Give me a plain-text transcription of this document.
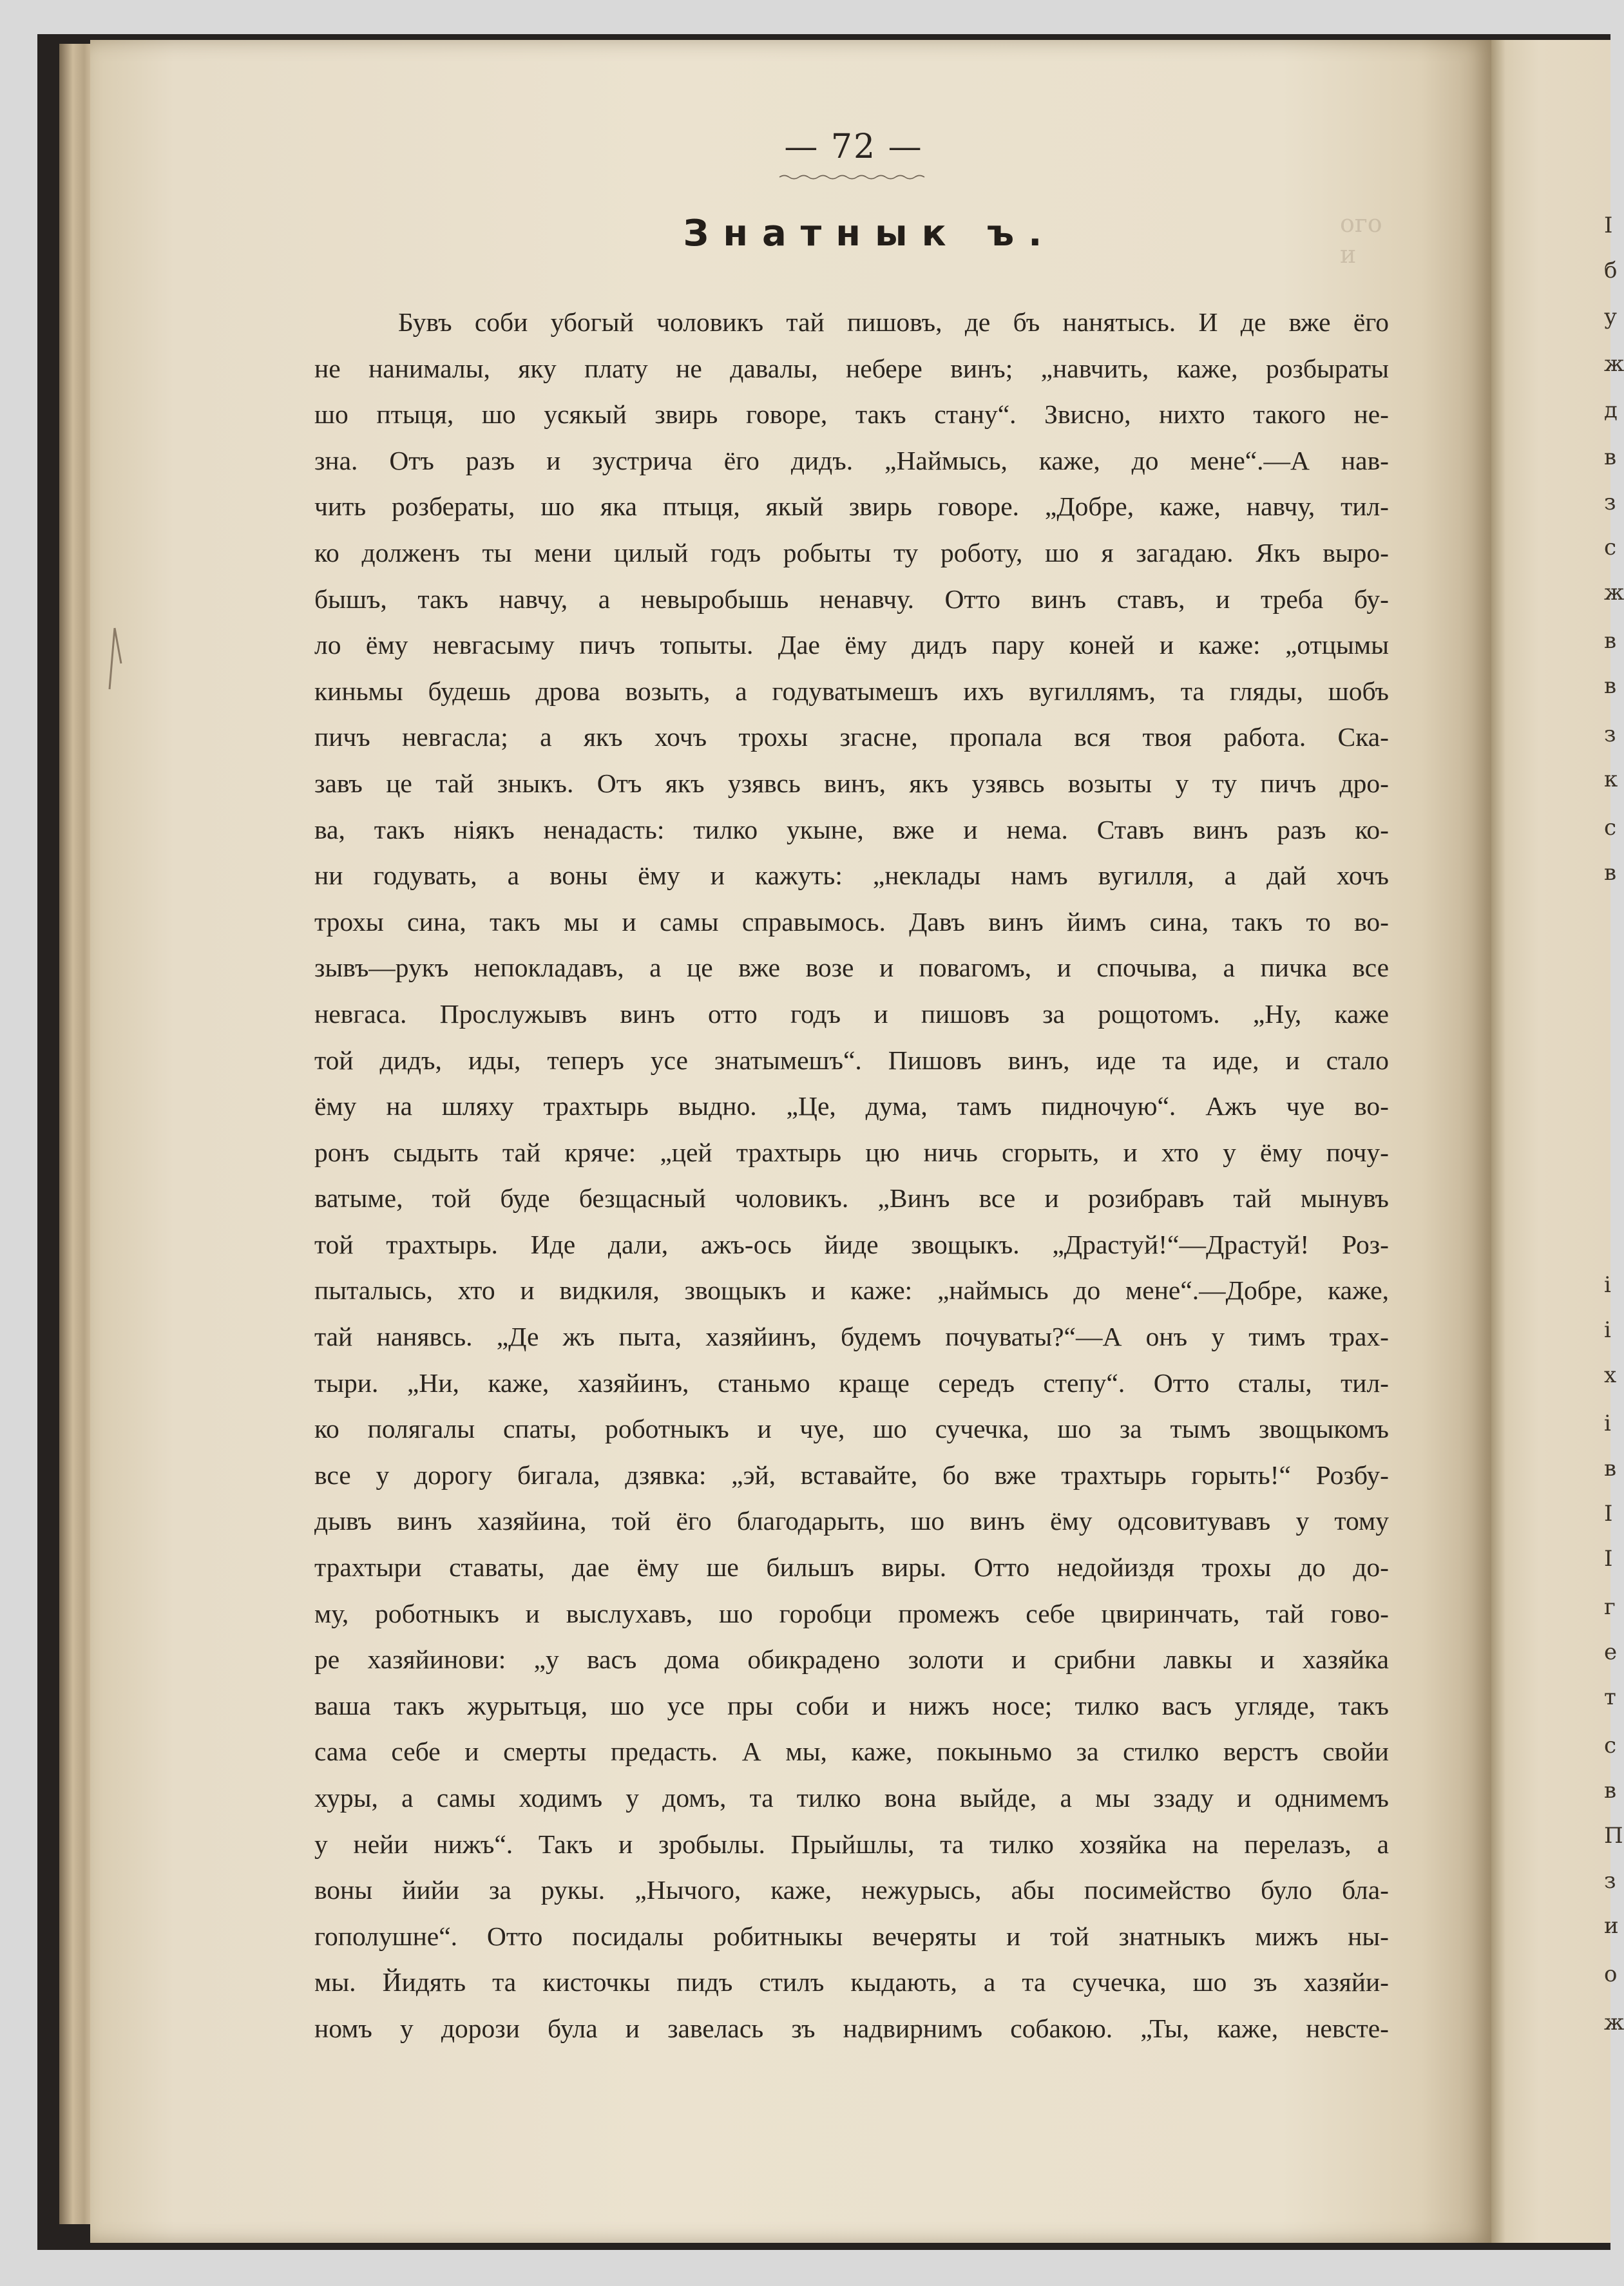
І
б
у
ж
д
в
з
с
ж
в
в
з
к
с
в
і
і
х
і
в
І
І
г
е
т
с
в
П
з
и
о
ж
— 72 —
ого
и
Знатнык ъ.
Бувъ соби убогый чоловикъ тай пишовъ, де бъ нанятысь. И де вже ёго
не нанималы, яку плату не давалы, небере винъ; „навчить, каже, розбыраты
шо птыця, шо усякый звирь говоре, такъ стану“. Звисно, нихто такого не-
зна. Отъ разъ и зустрича ёго дидъ. „Наймысь, каже, до мене“.—А нав-
чить розбераты, шо яка птыця, якый звирь говоре. „Добре, каже, навчу, тил-
ко долженъ ты мени цилый годъ робыты ту роботу, шо я загадаю. Якъ выро-
бышъ, такъ навчу, а невыробышь ненавчу. Отто винъ ставъ, и треба бу-
ло ёму невгасыму пичъ топыты. Дае ёму дидъ пару коней и каже: „отцымы
киньмы будешь дрова возыть, а годуватымешъ ихъ вугиллямъ, та гляды, шобъ
пичъ невгасла; а якъ хочъ трохы згасне, пропала вся твоя работа. Ска-
завъ це тай зныкъ. Отъ якъ узявсь винъ, якъ узявсь возыты у ту пичъ дро-
ва, такъ ніякъ ненадасть: тилко укыне, вже и нема. Ставъ винъ разъ ко-
ни годувать, а воны ёму и кажуть: „неклады намъ вугилля, а дай хочъ
трохы сина, такъ мы и самы справымось. Давъ винъ йимъ сина, такъ то во-
зывъ—рукъ непокладавъ, а це вже возе и повагомъ, и спочыва, а пичка все
невгаса. Прослужывъ винъ отто годъ и пишовъ за рощотомъ. „Ну, каже
той дидъ, иды, теперъ усе знатымешъ“. Пишовъ винъ, иде та иде, и стало
ёму на шляху трахтырь выдно. „Це, дума, тамъ пидночую“. Ажъ чуе во-
ронъ сыдыть тай кряче: „цей трахтырь цю ничь сгорыть, и хто у ёму почу-
ватыме, той буде безщасный чоловикъ. „Винъ все и розибравъ тай мынувъ
той трахтырь. Иде дали, ажъ-ось йиде звощыкъ. „Драстуй!“—Драстуй! Роз-
пыталысь, хто и видкиля, звощыкъ и каже: „наймысь до мене“.—Добре, каже,
тай нанявсь. „Де жъ пыта, хазяйинъ, будемъ почуваты?“—А онъ у тимъ трах-
тыри. „Ни, каже, хазяйинъ, станьмо краще середъ степу“. Отто сталы, тил-
ко полягалы спаты, роботныкъ и чуе, шо сучечка, шо за тымъ звощыкомъ
все у дорогу бигала, дзявка: „эй, вставайте, бо вже трахтырь горыть!“ Розбу-
дывъ винъ хазяйина, той ёго благодарыть, шо винъ ёму одсовитувавъ у тому
трахтыри ставаты, дае ёму ше бильшъ виры. Отто недойиздя трохы до до-
му, роботныкъ и выслухавъ, шо горобци промежъ себе цвиринчать, тай гово-
ре хазяйинови: „у васъ дома обикрадено золоти и срибни лавкы и хазяйка
ваша такъ журытьця, шо усе пры соби и нижъ носе; тилко васъ угляде, такъ
сама себе и смерты предасть. А мы, каже, покыньмо за стилко верстъ свойи
хуры, а самы ходимъ у домъ, та тилко вона выйде, а мы ззаду и однимемъ
у нейи нижъ“. Такъ и зробылы. Прыйшлы, та тилко хозяйка на перелазъ, а
воны йийи за рукы. „Нычого, каже, нежурысь, абы посимейство було бла-
гополушне“. Отто посидалы робитныкы вечеряты и той знатныкъ мижъ ны-
мы. Йидять та кисточкы пидъ стилъ кыдають, а та сучечка, шо зъ хазяйи-
номъ у дорози була и завелась зъ надвирнимъ собакою. „Ты, каже, невсте-
